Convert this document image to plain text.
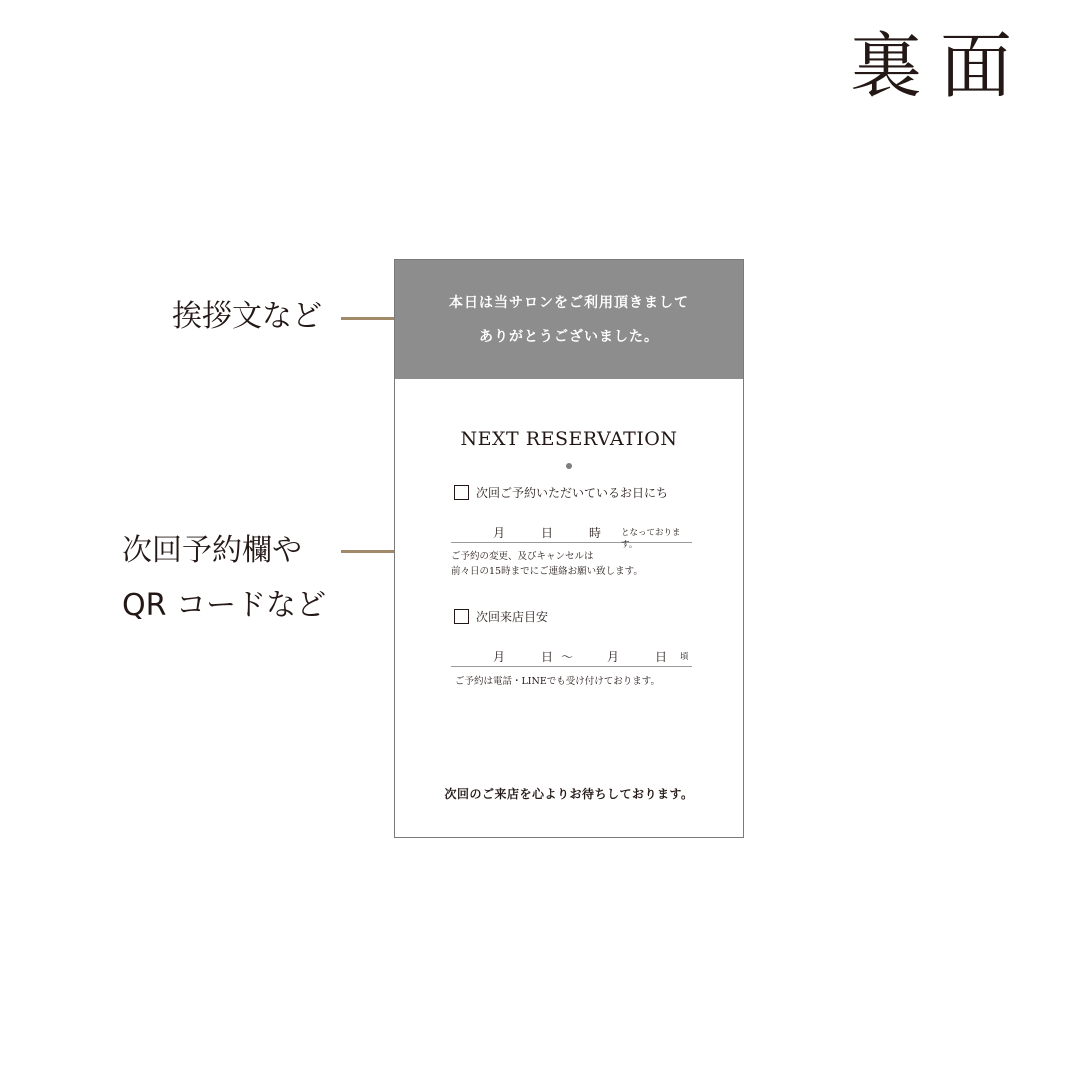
裏面
挨拶文など
次回予約欄や
QR コードなど
本日は当サロンをご利用頂きまして
ありがとうございました。
NEXT RESERVATION
次回ご予約いただいているお日にち
月	日	時 となっております。
ご予約の変更、及びキャンセルは
前々日の15時までにご連絡お願い致します。
次回来店目安
月	日 〜	月	日 頃
ご予約は電話・LINEでも受け付けております。
次回のご来店を心よりお待ちしております。
